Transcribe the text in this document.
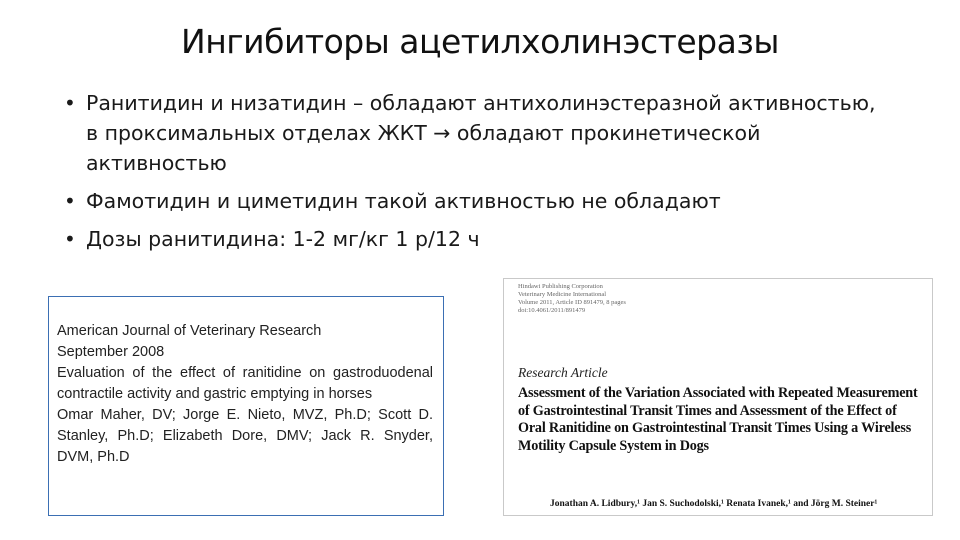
Ингибиторы ацетилхолинэстеразы
• Ранитидин и низатидин – обладают антихолинэстеразной активностью, в проксимальных отделах ЖКТ → обладают прокинетической активностью
• Фамотидин и циметидин такой активностью не обладают
• Дозы ранитидина: 1-2 мг/кг 1 р/12 ч
American Journal of Veterinary Research
September 2008
Evaluation of the effect of ranitidine on gastroduodenal contractile activity and gastric emptying in horses
Omar Maher, DV; Jorge E. Nieto, MVZ, Ph.D; Scott D. Stanley, Ph.D; Elizabeth Dore, DMV; Jack R. Snyder, DVM, Ph.D
Hindawi Publishing Corporation
Veterinary Medicine International
Volume 2011, Article ID 891479, 8 pages
doi:10.4061/2011/891479
Research Article
Assessment of the Variation Associated with Repeated Measurement of Gastrointestinal Transit Times and Assessment of the Effect of Oral Ranitidine on Gastrointestinal Transit Times Using a Wireless Motility Capsule System in Dogs
Jonathan A. Lidbury,¹ Jan S. Suchodolski,¹ Renata Ivanek,¹ and Jörg M. Steiner¹
